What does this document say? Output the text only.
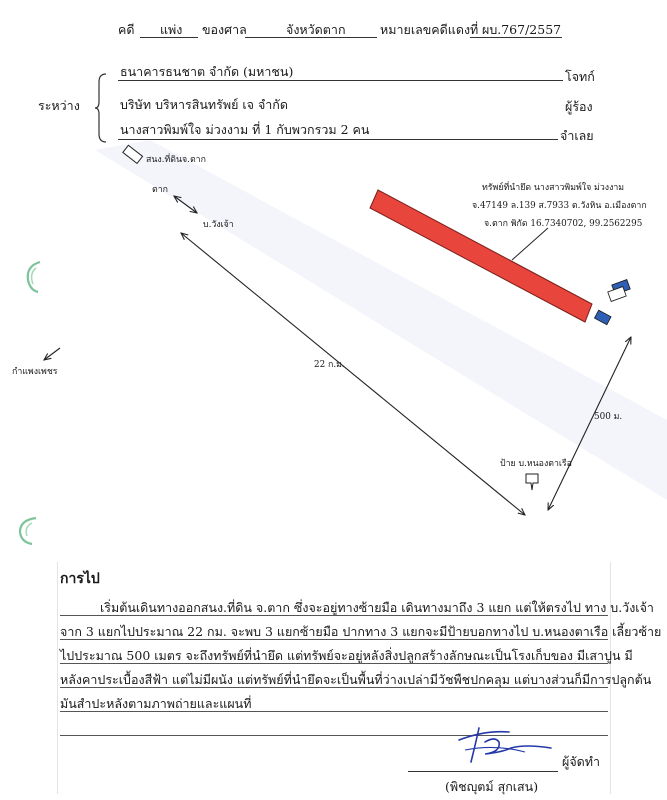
คดี แพ่ง ของศาล	จังหวัดตาก	หมายเลขคดีแดงที่ ผบ.767/2557
ระหว่าง
ธนาคารธนชาต จำกัด (มหาชน)	โจทก์
บริษัท บริหารสินทรัพย์ เจ จำกัด	ผู้ร้อง
นางสาวพิมพ์ใจ ม่วงงาม ที่ 1 กับพวกรวม 2 คน	จำเลย
สนง.ที่ดินจ.ตาก
ตาก
บ.วังเจ้า
กำแพงเพชร
22 ก.ม.
500 ม.
ป้าย บ.หนองตาเรือ
ทรัพย์ที่นำยึด นางสาวพิมพ์ใจ ม่วงงาม
จ.47149 ล.139 ส.7933 ต.วังหิน อ.เมืองตาก
จ.ตาก พิกัด 16.7340702, 99.2562295
การไป
เริ่มต้นเดินทางออกสนง.ที่ดิน จ.ตาก ซึ่งจะอยู่ทางซ้ายมือ เดินทางมาถึง 3 แยก แต่ให้ตรงไป ทาง บ.วังเจ้า
จาก 3 แยกไปประมาณ 22 กม. จะพบ 3 แยกซ้ายมือ ปากทาง 3 แยกจะมีป้ายบอกทางไป บ.หนองตาเรือ เลี้ยวซ้าย
ไปประมาณ 500 เมตร จะถึงทรัพย์ที่นำยึด แต่ทรัพย์จะอยู่หลังสิ่งปลูกสร้างลักษณะเป็นโรงเก็บของ มีเสาปูน มี
หลังคาประเบื้องสีฟ้า แต่ไม่มีผนัง แต่ทรัพย์ที่นำยึดจะเป็นพื้นที่ว่างเปล่ามีวัชพืชปกคลุม แต่บางส่วนก็มีการปลูกต้น
มันสำปะหลังตามภาพถ่ายและแผนที่
ผู้จัดทำ
(พิชญุตม์ สุกเสน)
